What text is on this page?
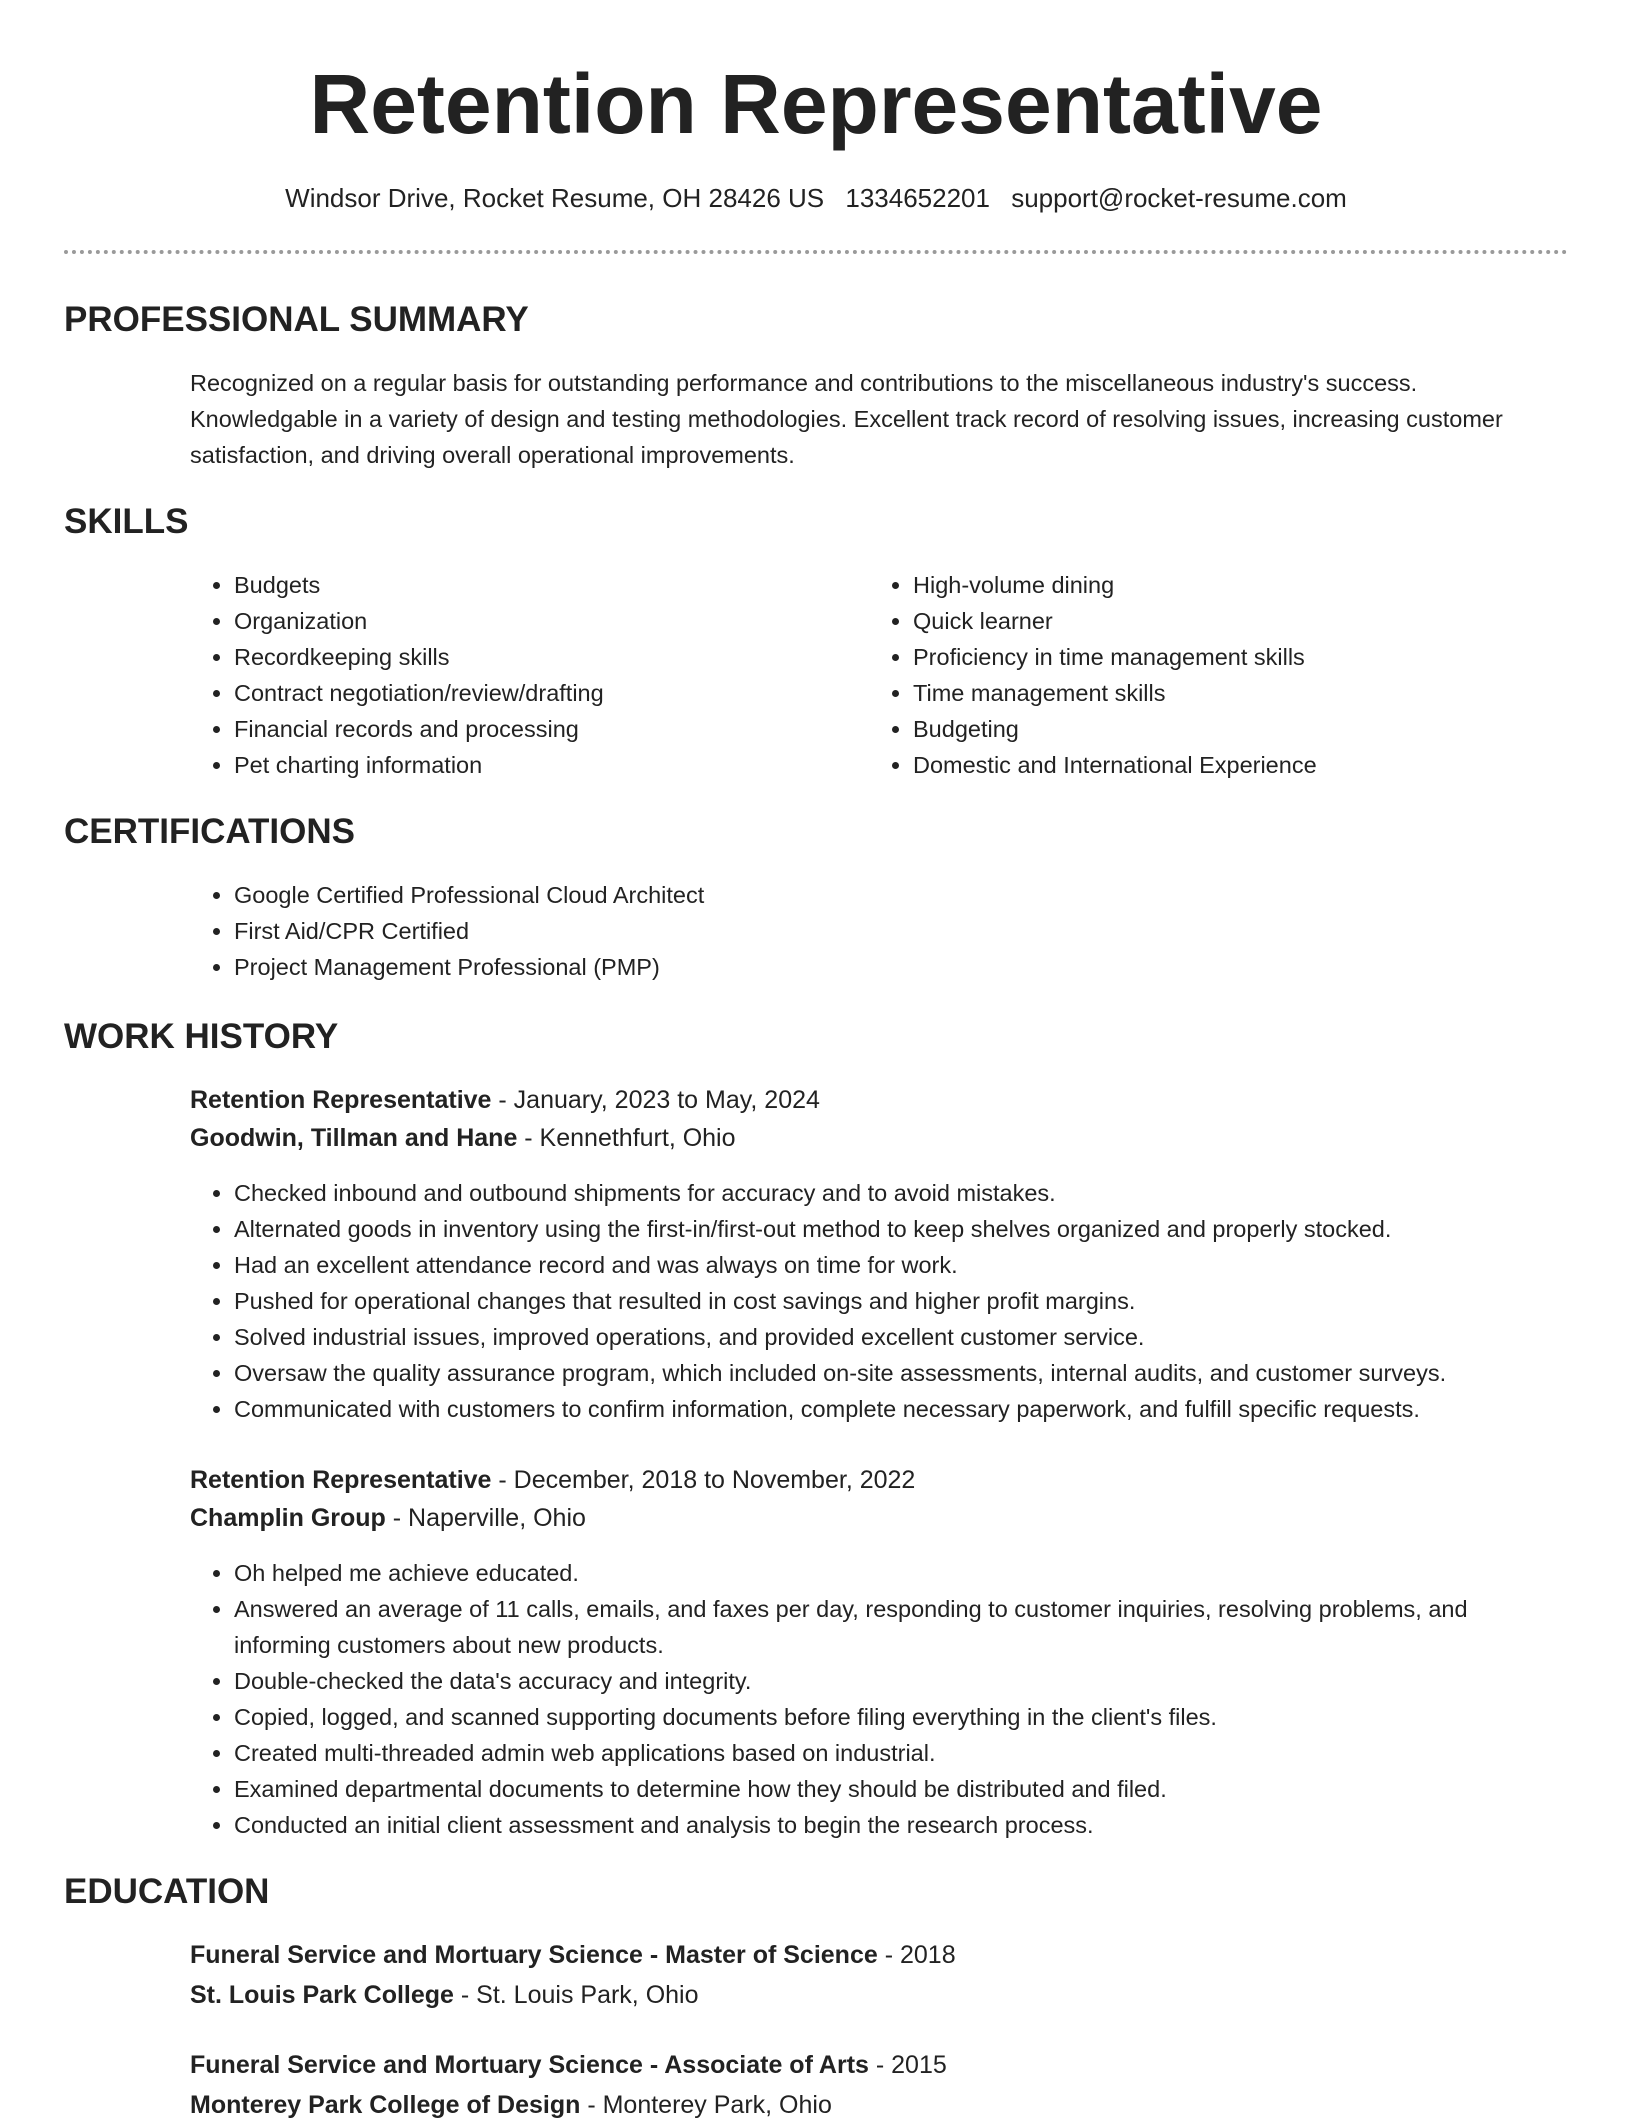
Retention Representative
Windsor Drive, Rocket Resume, OH 28426 US 1334652201 support@rocket-resume.com
PROFESSIONAL SUMMARY

Recognized on a regular basis for outstanding performance and contributions to the miscellaneous industry's success. Knowledgable in a variety of design and testing methodologies. Excellent track record of resolving issues, increasing customer satisfaction, and driving overall operational improvements.

SKILLS
• Budgets
• Organization
• Recordkeeping skills
• Contract negotiation/review/drafting
• Financial records and processing
• Pet charting information
• High-volume dining
• Quick learner
• Proficiency in time management skills
• Time management skills
• Budgeting
• Domestic and International Experience
CERTIFICATIONS
• Google Certified Professional Cloud Architect
• First Aid/CPR Certified
• Project Management Professional (PMP)
WORK HISTORY
Retention Representative - January, 2023 to May, 2024
Goodwin, Tillman and Hane - Kennethfurt, Ohio
• Checked inbound and outbound shipments for accuracy and to avoid mistakes.
• Alternated goods in inventory using the first-in/first-out method to keep shelves organized and properly stocked.
• Had an excellent attendance record and was always on time for work.
• Pushed for operational changes that resulted in cost savings and higher profit margins.
• Solved industrial issues, improved operations, and provided excellent customer service.
• Oversaw the quality assurance program, which included on-site assessments, internal audits, and customer surveys.
• Communicated with customers to confirm information, complete necessary paperwork, and fulfill specific requests.
Retention Representative - December, 2018 to November, 2022
Champlin Group - Naperville, Ohio
• Oh helped me achieve educated.
• Answered an average of 11 calls, emails, and faxes per day, responding to customer inquiries, resolving problems, and informing customers about new products.
• Double-checked the data's accuracy and integrity.
• Copied, logged, and scanned supporting documents before filing everything in the client's files.
• Created multi-threaded admin web applications based on industrial.
• Examined departmental documents to determine how they should be distributed and filed.
• Conducted an initial client assessment and analysis to begin the research process.
EDUCATION
Funeral Service and Mortuary Science - Master of Science - 2018
St. Louis Park College - St. Louis Park, Ohio
Funeral Service and Mortuary Science - Associate of Arts - 2015
Monterey Park College of Design - Monterey Park, Ohio
